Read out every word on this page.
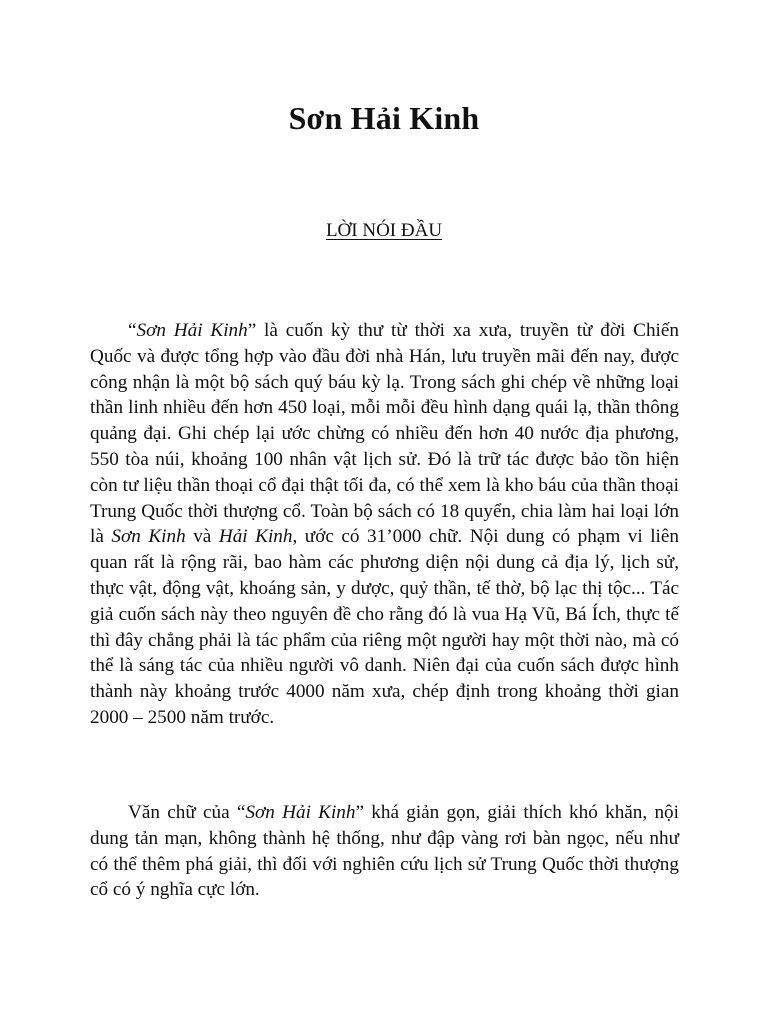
Sơn Hải Kinh

LỜI NÓI ĐẦU

“Sơn Hải Kinh” là cuốn kỳ thư từ thời xa xưa, truyền từ đời Chiến Quốc và được tổng hợp vào đầu đời nhà Hán, lưu truyền mãi đến nay, được công nhận là một bộ sách quý báu kỳ lạ. Trong sách ghi chép về những loại thần linh nhiều đến hơn 450 loại, mỗi mỗi đều hình dạng quái lạ, thần thông quảng đại. Ghi chép lại ước chừng có nhiều đến hơn 40 nước địa phương, 550 tòa núi, khoảng 100 nhân vật lịch sử. Đó là trữ tác được bảo tồn hiện còn tư liệu thần thoại cổ đại thật tối đa, có thể xem là kho báu của thần thoại Trung Quốc thời thượng cổ. Toàn bộ sách có 18 quyển, chia làm hai loại lớn là Sơn Kinh và Hải Kinh, ước có 31’000 chữ. Nội dung có phạm vi liên quan rất là rộng rãi, bao hàm các phương diện nội dung cả địa lý, lịch sử, thực vật, động vật, khoáng sản, y dược, quỷ thần, tế thờ, bộ lạc thị tộc... Tác giả cuốn sách này theo nguyên đề cho rằng đó là vua Hạ Vũ, Bá Ích, thực tế thì đây chẳng phải là tác phẩm của riêng một người hay một thời nào, mà có thể là sáng tác của nhiều người vô danh. Niên đại của cuốn sách được hình thành này khoảng trước 4000 năm xưa, chép định trong khoảng thời gian 2000 – 2500 năm trước.

Văn chữ của “Sơn Hải Kinh” khá giản gọn, giải thích khó khăn, nội dung tản mạn, không thành hệ thống, như đập vàng rơi bàn ngọc, nếu như có thể thêm phá giải, thì đối với nghiên cứu lịch sử Trung Quốc thời thượng cổ có ý nghĩa cực lớn.
